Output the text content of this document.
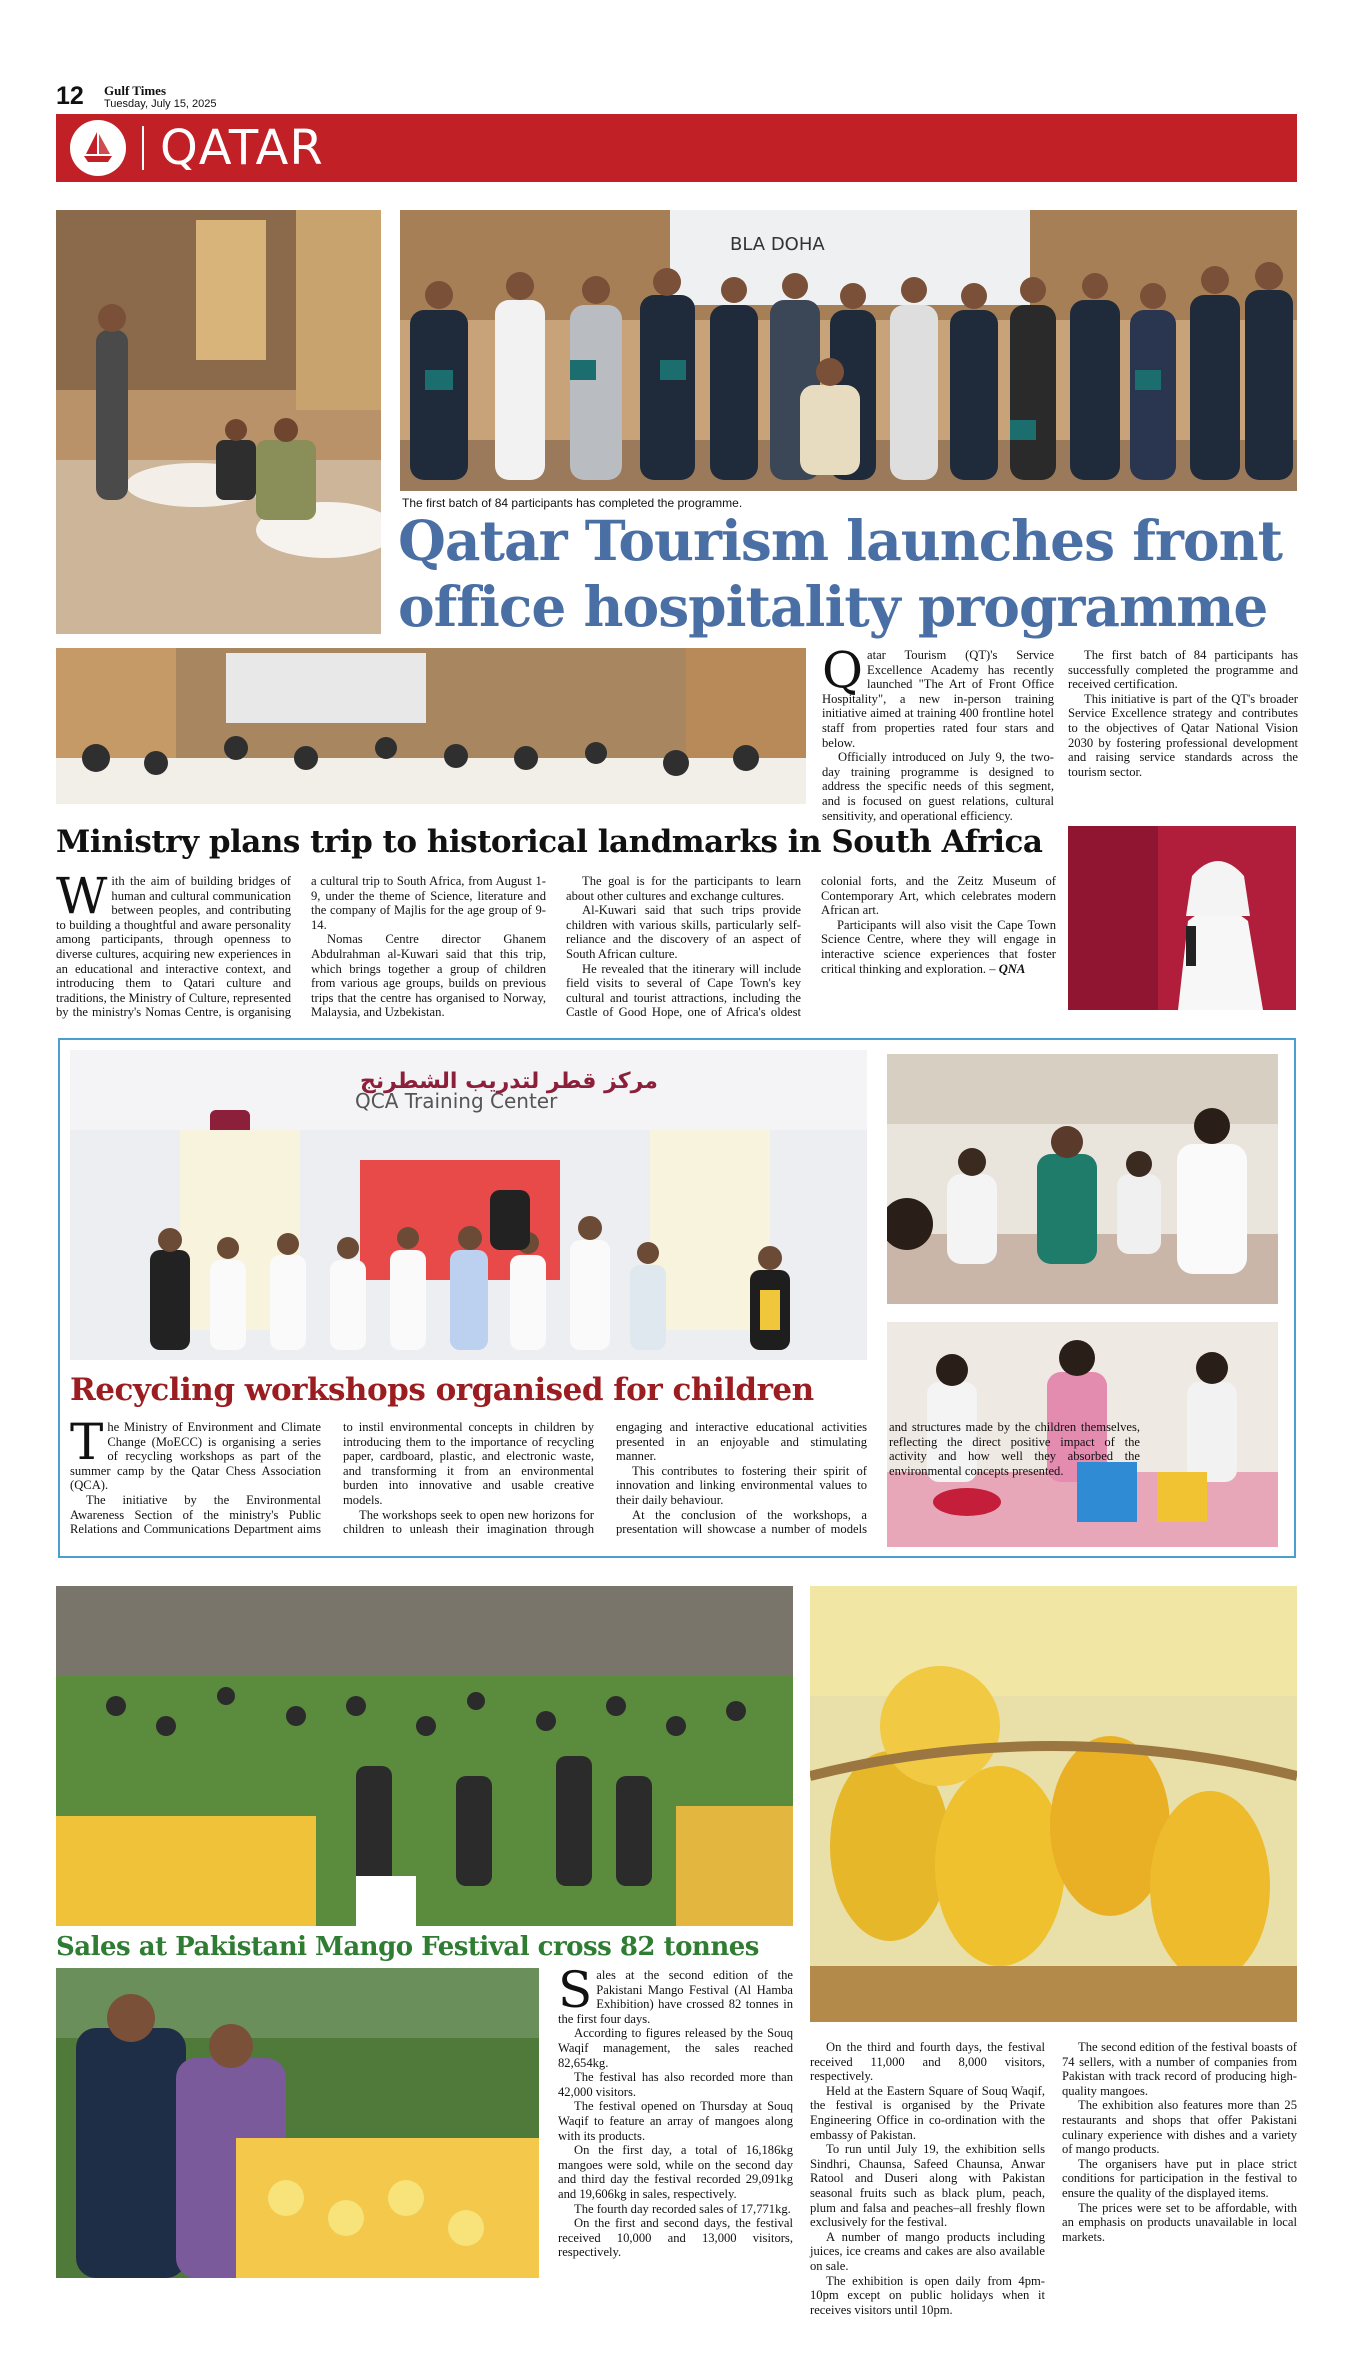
12 Gulf Times
Tuesday, July 15, 2025
QATAR
BLA DOHA
The first batch of 84 participants has completed the programme.
Qatar Tourism launches front
office hospitality programme

Qatar Tourism (QT)'s Service Excellence Academy has recently launched "The Art of Front Office Hospitality", a new in-person training initiative aimed at training 400 frontline hotel staff from properties rated four stars and below.

Officially introduced on July 9, the two-day training programme is designed to address the specific needs of this segment, and is focused on guest relations, cultural sensitivity, and operational efficiency.

The first batch of 84 participants has successfully completed the programme and received certification.

This initiative is part of the QT's broader Service Excellence strategy and contributes to the objectives of Qatar National Vision 2030 by fostering professional development and raising service standards across the tourism sector.

Ministry plans trip to historical landmarks in South Africa

With the aim of building bridges of human and cultural communication between peoples, and contributing to building a thoughtful and aware personality among participants, through openness to diverse cultures, acquiring new experiences in an educational and interactive context, and introducing them to Qatari culture and traditions, the Ministry of Culture, represented by the ministry's Nomas Centre, is organising a cultural trip to South Africa, from August 1-9, under the theme of Science, literature and the company of Majlis for the age group of 9-14.

Nomas Centre director Ghanem Abdulrahman al-Kuwari said that this trip, which brings together a group of children from various age groups, builds on previous trips that the centre has organised to Norway, Malaysia, and Uzbekistan.

The goal is for the participants to learn about other cultures and exchange cultures.

Al-Kuwari said that such trips provide children with various skills, particularly self-reliance and the discovery of an aspect of South African culture.

He revealed that the itinerary will include field visits to several of Cape Town's key cultural and tourist attractions, including the Castle of Good Hope, one of Africa's oldest colonial forts, and the Zeitz Museum of Contemporary Art, which celebrates modern African art.

Participants will also visit the Cape Town Science Centre, where they will engage in interactive science experiences that foster critical thinking and exploration. – QNA

مركز قطر لتدريب الشطرنج
QCA Training Center
Recycling workshops organised for children

The Ministry of Environment and Climate Change (MoECC) is organising a series of recycling workshops as part of the summer camp by the Qatar Chess Association (QCA).

The initiative by the Environmental Awareness Section of the ministry's Public Relations and Communications Department aims to instil environmental concepts in children by introducing them to the importance of recycling paper, cardboard, plastic, and electronic waste, and transforming it from an environmental burden into innovative and usable creative models.

The workshops seek to open new horizons for children to unleash their imagination through engaging and interactive educational activities presented in an enjoyable and stimulating manner.

This contributes to fostering their spirit of innovation and linking environmental values to their daily behaviour.

At the conclusion of the workshops, a presentation will showcase a number of models and structures made by the children themselves, reflecting the direct positive impact of the activity and how well they absorbed the environmental concepts presented.

Sales at Pakistani Mango Festival cross 82 tonnes

Sales at the second edition of the Pakistani Mango Festival (Al Hamba Exhibition) have crossed 82 tonnes in the first four days.

According to figures released by the Souq Waqif management, the sales reached 82,654kg.

The festival has also recorded more than 42,000 visitors.

The festival opened on Thursday at Souq Waqif to feature an array of mangoes along with its products.

On the first day, a total of 16,186kg mangoes were sold, while on the second day and third day the festival recorded 29,091kg and 19,606kg in sales, respectively.

The fourth day recorded sales of 17,771kg.

On the first and second days, the festival received 10,000 and 13,000 visitors, respectively.

On the third and fourth days, the festival received 11,000 and 8,000 visitors, respectively.

Held at the Eastern Square of Souq Waqif, the festival is organised by the Private Engineering Office in co-ordination with the embassy of Pakistan.

To run until July 19, the exhibition sells Sindhri, Chaunsa, Safeed Chaunsa, Anwar Ratool and Duseri along with Pakistan seasonal fruits such as black plum, peach, plum and falsa and peaches–all freshly flown exclusively for the festival.

A number of mango products including juices, ice creams and cakes are also available on sale.

The exhibition is open daily from 4pm-10pm except on public holidays when it receives visitors until 10pm.

The second edition of the festival boasts of 74 sellers, with a number of companies from Pakistan with track record of producing high-quality mangoes.

The exhibition also features more than 25 restaurants and shops that offer Pakistani culinary experience with dishes and a variety of mango products.

The organisers have put in place strict conditions for participation in the festival to ensure the quality of the displayed items.

The prices were set to be affordable, with an emphasis on products unavailable in local markets.
